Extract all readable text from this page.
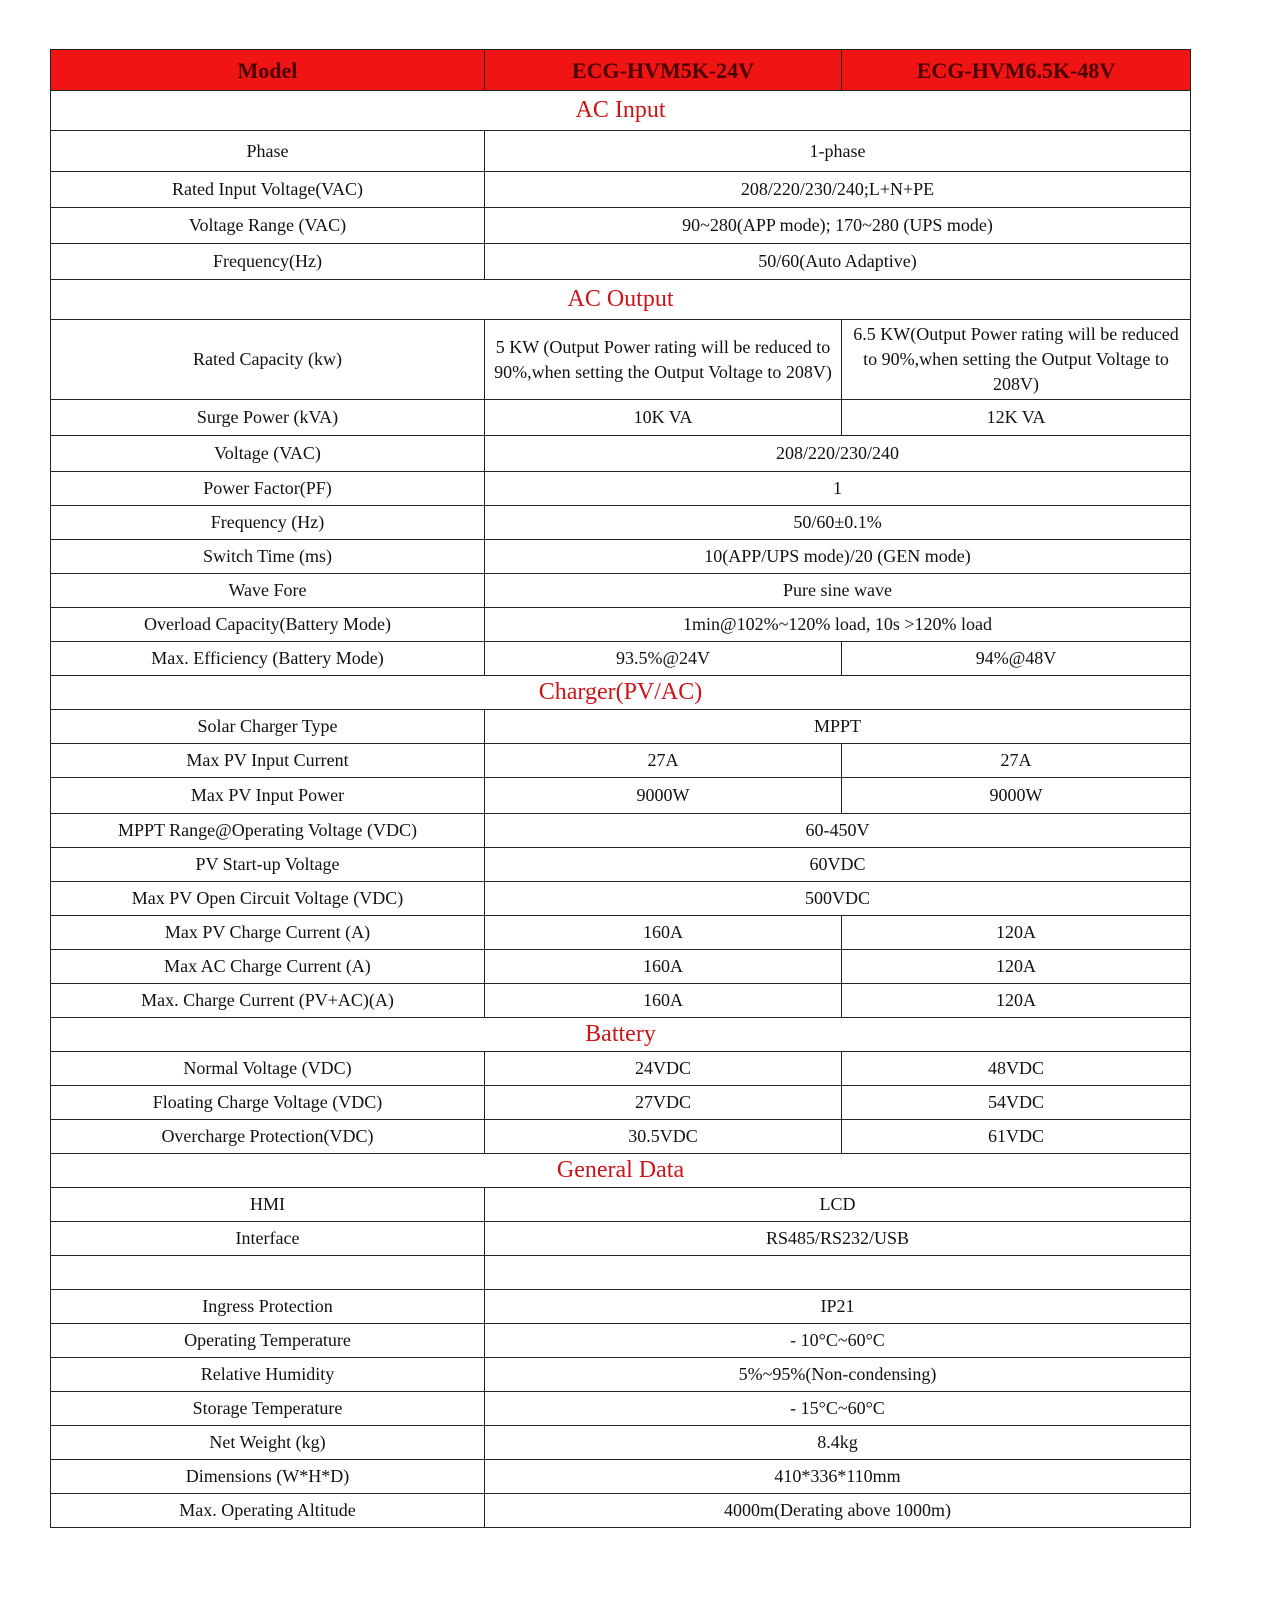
Model	ECG-HVM5K-24V	ECG-HVM6.5K-48V
AC Input		
Phase	1-phase	
Rated Input Voltage(VAC)	208/220/230/240;L+N+PE	
Voltage Range (VAC)	90~280(APP mode); 170~280 (UPS mode)	
Frequency(Hz)	50/60(Auto Adaptive)	
AC Output		
Rated Capacity (kw)	5 KW (Output Power rating will be reduced to 90%,when setting the Output Voltage to 208V)	6.5 KW(Output Power rating will be reduced to 90%,when setting the Output Voltage to 208V)
Surge Power (kVA)	10K VA	12K VA
Voltage (VAC)	208/220/230/240	
Power Factor(PF)	1	
Frequency (Hz)	50/60±0.1%	
Switch Time (ms)	10(APP/UPS mode)/20 (GEN mode)	
Wave Fore	Pure sine wave	
Overload Capacity(Battery Mode)	1min@102%~120% load, 10s >120% load	
Max. Efficiency (Battery Mode)	93.5%@24V	94%@48V
Charger(PV/AC)		
Solar Charger Type	MPPT	
Max PV Input Current	27A	27A
Max PV Input Power	9000W	9000W
MPPT Range@Operating Voltage (VDC)	60-450V	
PV Start-up Voltage	60VDC	
Max PV Open Circuit Voltage (VDC)	500VDC	
Max PV Charge Current (A)	160A	120A
Max AC Charge Current (A)	160A	120A
Max. Charge Current (PV+AC)(A)	160A	120A
Battery		
Normal Voltage (VDC)	24VDC	48VDC
Floating Charge Voltage (VDC)	27VDC	54VDC
Overcharge Protection(VDC)	30.5VDC	61VDC
General Data		
HMI	LCD	
Interface	RS485/RS232/USB	

Ingress Protection	IP21	
Operating Temperature	- 10°C~60°C	
Relative Humidity	5%~95%(Non-condensing)	
Storage Temperature	- 15°C~60°C	
Net Weight (kg)	8.4kg	
Dimensions (W*H*D)	410*336*110mm	
Max. Operating Altitude	4000m(Derating above 1000m)	
